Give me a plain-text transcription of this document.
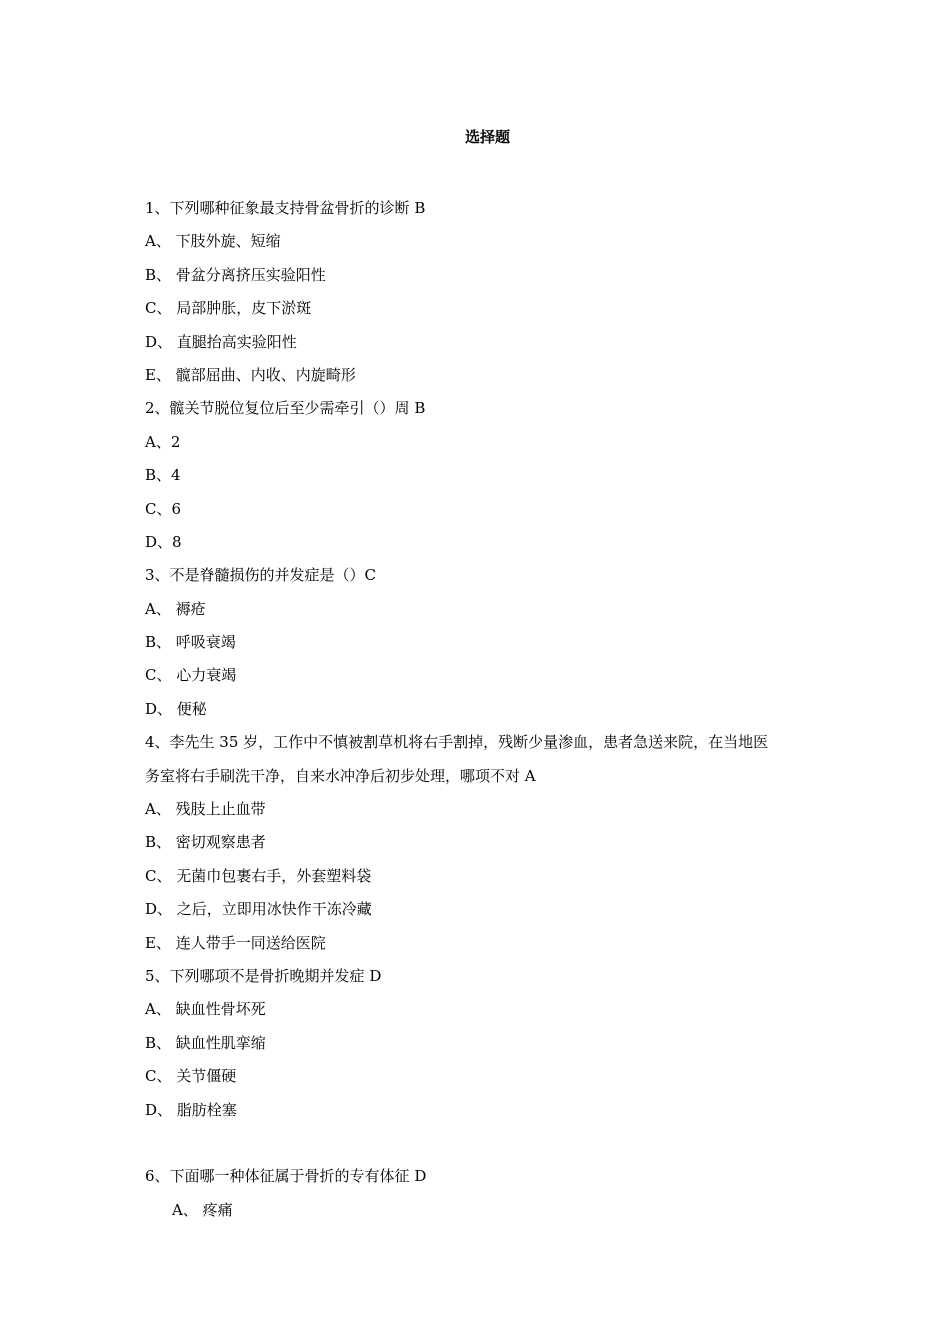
选择题
1、下列哪种征象最支持骨盆骨折的诊断 B
A、 下肢外旋、短缩
B、 骨盆分离挤压实验阳性
C、 局部肿胀，皮下淤斑
D、 直腿抬高实验阳性
E、 髋部屈曲、内收、内旋畸形
2、髋关节脱位复位后至少需牵引（）周 B
A、2
B、4
C、6
D、8
3、不是脊髓损伤的并发症是（）C
A、 褥疮
B、 呼吸衰竭
C、 心力衰竭
D、 便秘
4、李先生 35 岁，工作中不慎被割草机将右手割掉，残断少量渗血，患者急送来院，在当地医
务室将右手刷洗干净，自来水冲净后初步处理，哪项不对 A
A、 残肢上止血带
B、 密切观察患者
C、 无菌巾包裹右手，外套塑料袋
D、 之后，立即用冰快作干冻冷藏
E、 连人带手一同送给医院
5、下列哪项不是骨折晚期并发症 D
A、 缺血性骨坏死
B、 缺血性肌挛缩
C、 关节僵硬
D、 脂肪栓塞
6、下面哪一种体征属于骨折的专有体征 D
A、 疼痛
